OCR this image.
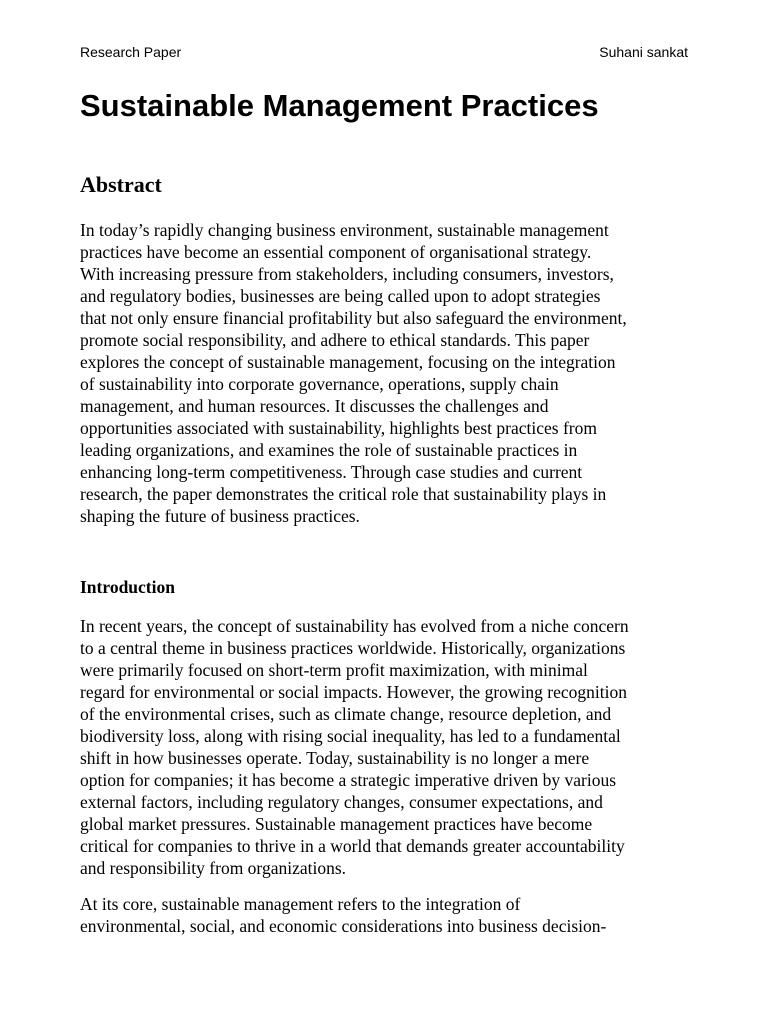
Research Paper	Suhani sankat
Sustainable Management Practices
Abstract
In today’s rapidly changing business environment, sustainable management
practices have become an essential component of organisational strategy.
With increasing pressure from stakeholders, including consumers, investors,
and regulatory bodies, businesses are being called upon to adopt strategies
that not only ensure financial profitability but also safeguard the environment,
promote social responsibility, and adhere to ethical standards. This paper
explores the concept of sustainable management, focusing on the integration
of sustainability into corporate governance, operations, supply chain
management, and human resources. It discusses the challenges and
opportunities associated with sustainability, highlights best practices from
leading organizations, and examines the role of sustainable practices in
enhancing long-term competitiveness. Through case studies and current
research, the paper demonstrates the critical role that sustainability plays in
shaping the future of business practices.
Introduction
In recent years, the concept of sustainability has evolved from a niche concern
to a central theme in business practices worldwide. Historically, organizations
were primarily focused on short-term profit maximization, with minimal
regard for environmental or social impacts. However, the growing recognition
of the environmental crises, such as climate change, resource depletion, and
biodiversity loss, along with rising social inequality, has led to a fundamental
shift in how businesses operate. Today, sustainability is no longer a mere
option for companies; it has become a strategic imperative driven by various
external factors, including regulatory changes, consumer expectations, and
global market pressures. Sustainable management practices have become
critical for companies to thrive in a world that demands greater accountability
and responsibility from organizations.
At its core, sustainable management refers to the integration of
environmental, social, and economic considerations into business decision-
